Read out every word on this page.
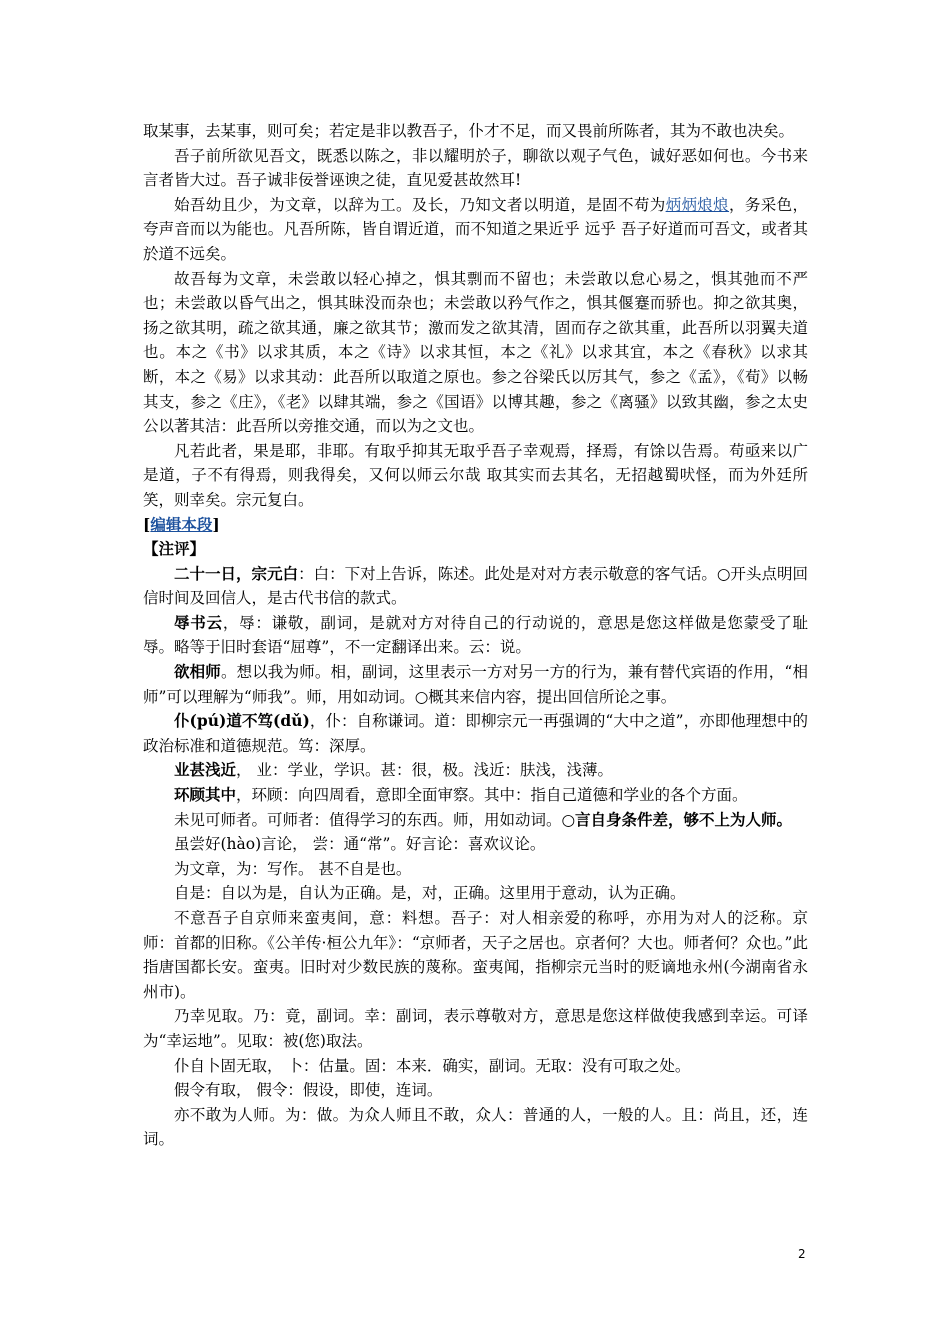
取某事，去某事，则可矣；若定是非以教吾子，仆才不足，而又畏前所陈者，其为不敢也决矣。

吾子前所欲见吾文，既悉以陈之，非以耀明於子，聊欲以观子气色，诚好恶如何也。今书来言者皆大过。吾子诚非佞誉诬谀之徒，直见爱甚故然耳!

始吾幼且少，为文章，以辞为工。及长，乃知文者以明道，是固不苟为炳炳烺烺，务采色，夸声音而以为能也。凡吾所陈，皆自谓近道，而不知道之果近乎 远乎 吾子好道而可吾文，或者其於道不远矣。

故吾每为文章，未尝敢以轻心掉之，惧其剽而不留也；未尝敢以怠心易之，惧其弛而不严也；未尝敢以昏气出之，惧其昧没而杂也；未尝敢以矜气作之，惧其偃蹇而骄也。抑之欲其奥，扬之欲其明，疏之欲其通，廉之欲其节；激而发之欲其清，固而存之欲其重，此吾所以羽翼夫道也。本之《书》以求其质，本之《诗》以求其恒，本之《礼》以求其宜，本之《春秋》以求其断，本之《易》以求其动：此吾所以取道之原也。参之谷梁氏以厉其气，参之《孟》，《荀》以畅其支，参之《庄》，《老》以肆其端，参之《国语》以博其趣，参之《离骚》以致其幽，参之太史公以著其洁：此吾所以旁推交通，而以为之文也。

凡若此者，果是耶，非耶。有取乎抑其无取乎吾子幸观焉，择焉，有馀以告焉。苟亟来以广是道，子不有得焉，则我得矣，又何以师云尔哉 取其实而去其名，无招越蜀吠怪，而为外廷所笑，则幸矣。宗元复白。

[编辑本段]

【注评】

二十一日，宗元白：白：下对上告诉，陈述。此处是对对方表示敬意的客气话。○开头点明回信时间及回信人，是古代书信的款式。

辱书云，辱：谦敬，副词，是就对方对待自己的行动说的，意思是您这样做是您蒙受了耻辱。略等于旧时套语“屈尊”，不一定翻译出来。云：说。

欲相师。想以我为师。相，副词，这里表示一方对另一方的行为，兼有替代宾语的作用，“相师”可以理解为“师我”。师，用如动词。○概其来信内容，提出回信所论之事。

仆(pú)道不笃(dǔ)，仆：自称谦词。道：即柳宗元一再强调的“大中之道”，亦即他理想中的政治标准和道德规范。笃：深厚。

业甚浅近， 业：学业，学识。甚：很，极。浅近：肤浅，浅薄。

环顾其中，环顾：向四周看，意即全面审察。其中：指自己道德和学业的各个方面。

未见可师者。可师者：值得学习的东西。师，用如动词。○言自身条件差，够不上为人师。

虽尝好(hào)言论， 尝：通“常”。好言论：喜欢议论。

为文章，为：写作。 甚不自是也。

自是：自以为是，自认为正确。是，对，正确。这里用于意动，认为正确。

不意吾子自京师来蛮夷间，意：料想。吾子：对人相亲爱的称呼，亦用为对人的泛称。京师：首都的旧称。《公羊传·桓公九年》：“京师者，天子之居也。京者何？大也。师者何？众也。”此指唐国都长安。蛮夷。旧时对少数民族的蔑称。蛮夷闻，指柳宗元当时的贬谪地永州(今湖南省永州市)。

乃幸见取。乃：竟，副词。幸：副词，表示尊敬对方，意思是您这样做使我感到幸运。可译为“幸运地”。见取：被(您)取法。

仆自卜固无取， 卜：估量。固：本来．确实，副词。无取：没有可取之处。

假令有取， 假令：假设，即使，连词。

亦不敢为人师。为：做。为众人师且不敢，众人：普通的人，一般的人。且：尚且，还，连词。

2
